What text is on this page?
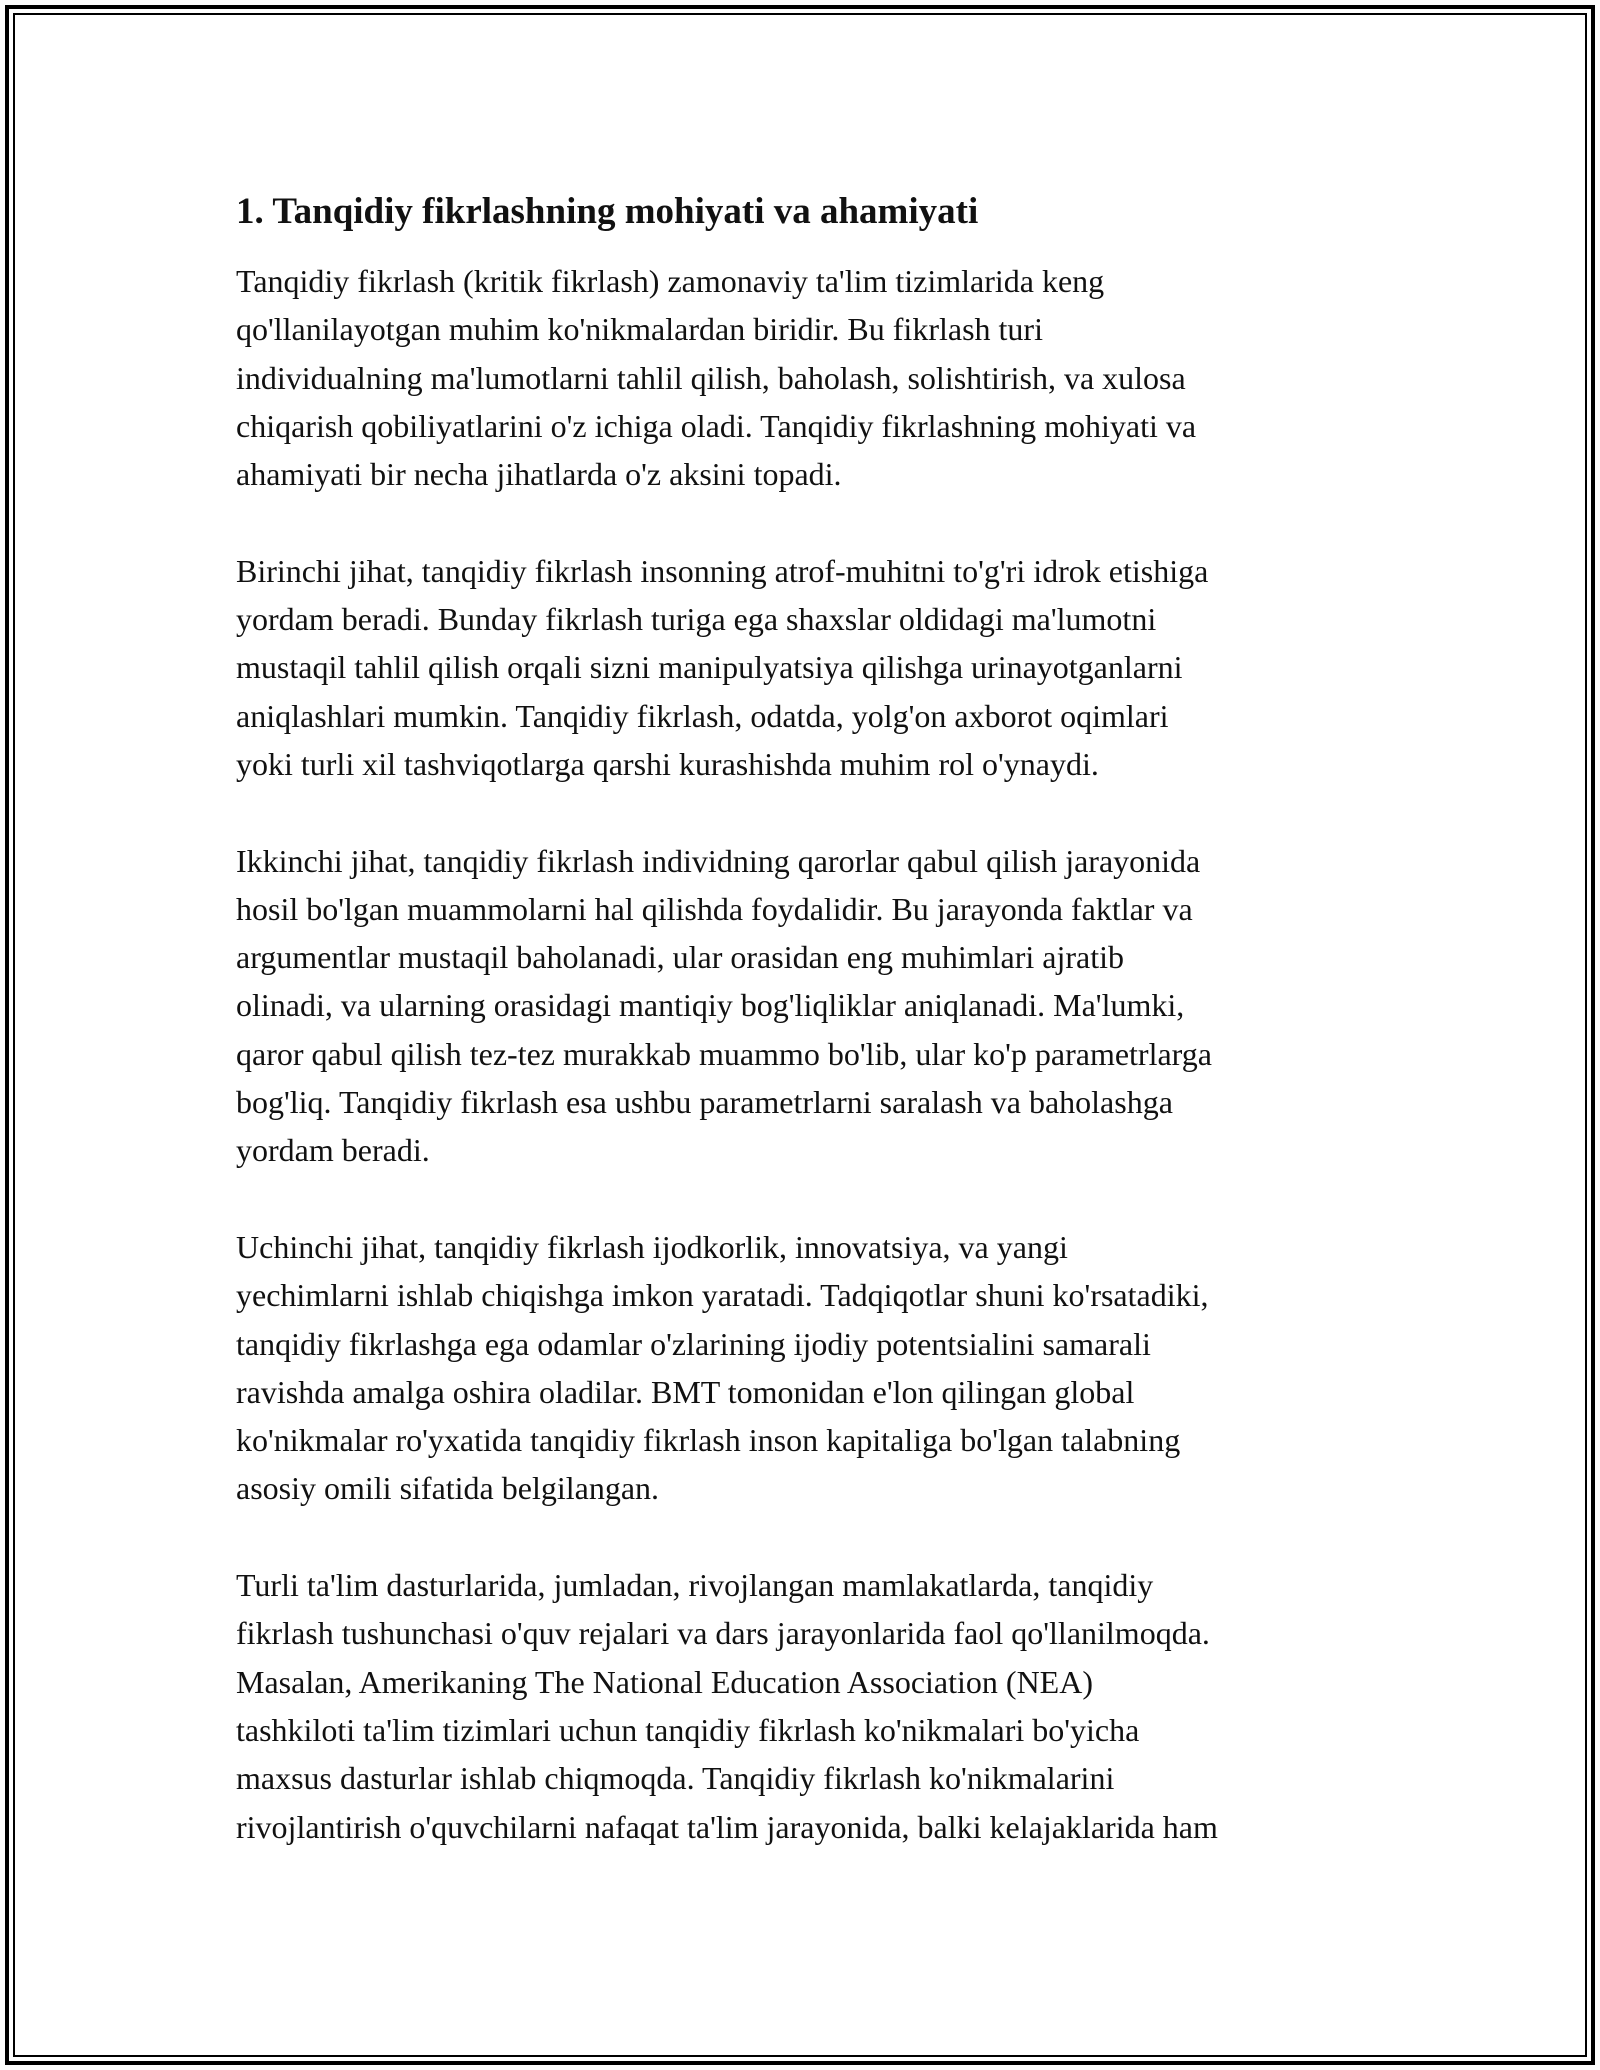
1. Tanqidiy fikrlashning mohiyati va ahamiyati

Tanqidiy fikrlash (kritik fikrlash) zamonaviy ta'lim tizimlarida keng
qo'llanilayotgan muhim ko'nikmalardan biridir. Bu fikrlash turi
individualning ma'lumotlarni tahlil qilish, baholash, solishtirish, va xulosa
chiqarish qobiliyatlarini o'z ichiga oladi. Tanqidiy fikrlashning mohiyati va
ahamiyati bir necha jihatlarda o'z aksini topadi.

Birinchi jihat, tanqidiy fikrlash insonning atrof-muhitni to'g'ri idrok etishiga
yordam beradi. Bunday fikrlash turiga ega shaxslar oldidagi ma'lumotni
mustaqil tahlil qilish orqali sizni manipulyatsiya qilishga urinayotganlarni
aniqlashlari mumkin. Tanqidiy fikrlash, odatda, yolg'on axborot oqimlari
yoki turli xil tashviqotlarga qarshi kurashishda muhim rol o'ynaydi.

Ikkinchi jihat, tanqidiy fikrlash individning qarorlar qabul qilish jarayonida
hosil bo'lgan muammolarni hal qilishda foydalidir. Bu jarayonda faktlar va
argumentlar mustaqil baholanadi, ular orasidan eng muhimlari ajratib
olinadi, va ularning orasidagi mantiqiy bog'liqliklar aniqlanadi. Ma'lumki,
qaror qabul qilish tez-tez murakkab muammo bo'lib, ular ko'p parametrlarga
bog'liq. Tanqidiy fikrlash esa ushbu parametrlarni saralash va baholashga
yordam beradi.

Uchinchi jihat, tanqidiy fikrlash ijodkorlik, innovatsiya, va yangi
yechimlarni ishlab chiqishga imkon yaratadi. Tadqiqotlar shuni ko'rsatadiki,
tanqidiy fikrlashga ega odamlar o'zlarining ijodiy potentsialini samarali
ravishda amalga oshira oladilar. BMT tomonidan e'lon qilingan global
ko'nikmalar ro'yxatida tanqidiy fikrlash inson kapitaliga bo'lgan talabning
asosiy omili sifatida belgilangan.

Turli ta'lim dasturlarida, jumladan, rivojlangan mamlakatlarda, tanqidiy
fikrlash tushunchasi o'quv rejalari va dars jarayonlarida faol qo'llanilmoqda.
Masalan, Amerikaning The National Education Association (NEA)
tashkiloti ta'lim tizimlari uchun tanqidiy fikrlash ko'nikmalari bo'yicha
maxsus dasturlar ishlab chiqmoqda. Tanqidiy fikrlash ko'nikmalarini
rivojlantirish o'quvchilarni nafaqat ta'lim jarayonida, balki kelajaklarida ham
